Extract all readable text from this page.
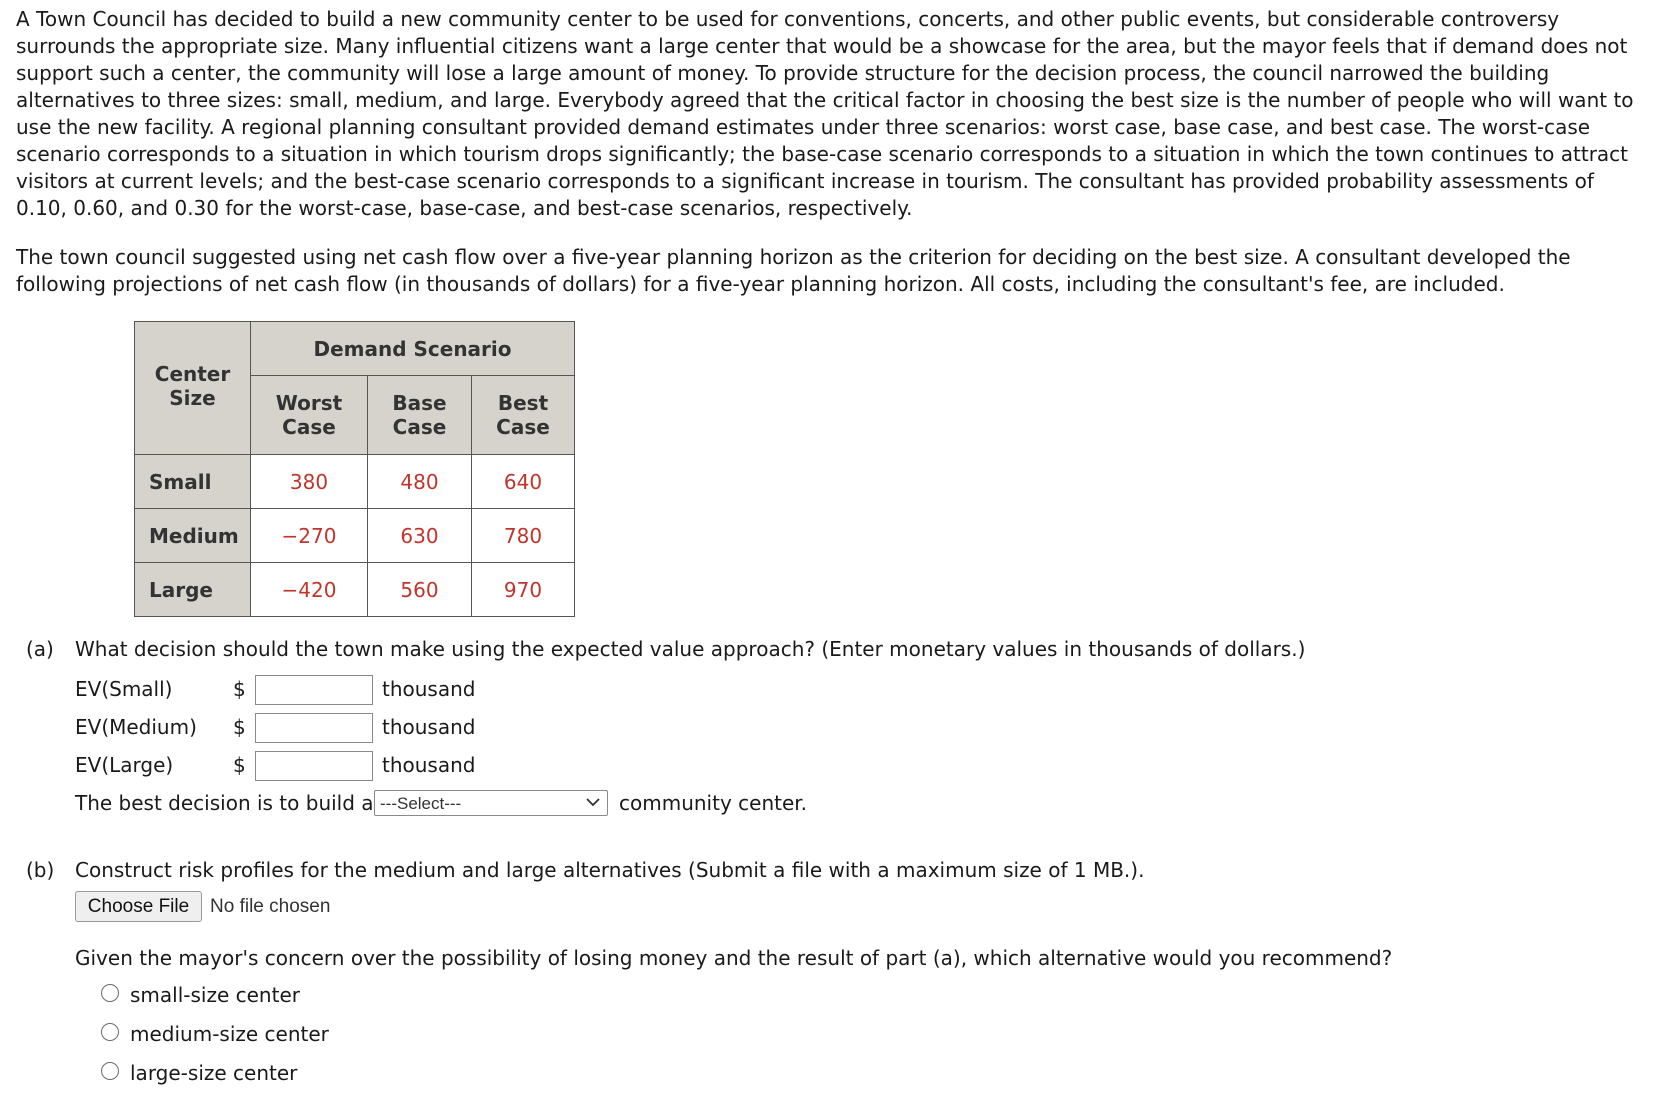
A Town Council has decided to build a new community center to be used for conventions, concerts, and other public events, but considerable controversy surrounds the appropriate size. Many influential citizens want a large center that would be a showcase for the area, but the mayor feels that if demand does not support such a center, the community will lose a large amount of money. To provide structure for the decision process, the council narrowed the building alternatives to three sizes: small, medium, and large. Everybody agreed that the critical factor in choosing the best size is the number of people who will want to use the new facility. A regional planning consultant provided demand estimates under three scenarios: worst case, base case, and best case. The worst-case scenario corresponds to a situation in which tourism drops significantly; the base-case scenario corresponds to a situation in which the town continues to attract visitors at current levels; and the best-case scenario corresponds to a significant increase in tourism. The consultant has provided probability assessments of 0.10, 0.60, and 0.30 for the worst-case, base-case, and best-case scenarios, respectively.

The town council suggested using net cash flow over a five-year planning horizon as the criterion for deciding on the best size. A consultant developed the following projections of net cash flow (in thousands of dollars) for a five-year planning horizon. All costs, including the consultant's fee, are included.

Center Size	Demand Scenario		
	Worst Case	Base Case	Best Case
Small	380	480	640
Medium	−270	630	780
Large	−420	560	970
(a) What decision should the town make using the expected value approach? (Enter monetary values in thousands of dollars.)
EV(Small)	$	thousand
EV(Medium) $	thousand
EV(Large)	$	thousand
The best decision is to build a ---Select---	community center.
(b) Construct risk profiles for the medium and large alternatives (Submit a file with a maximum size of 1 MB.).
Choose File	No file chosen
Given the mayor's concern over the possibility of losing money and the result of part (a), which alternative would you recommend?
small-size center
medium-size center
large-size center
